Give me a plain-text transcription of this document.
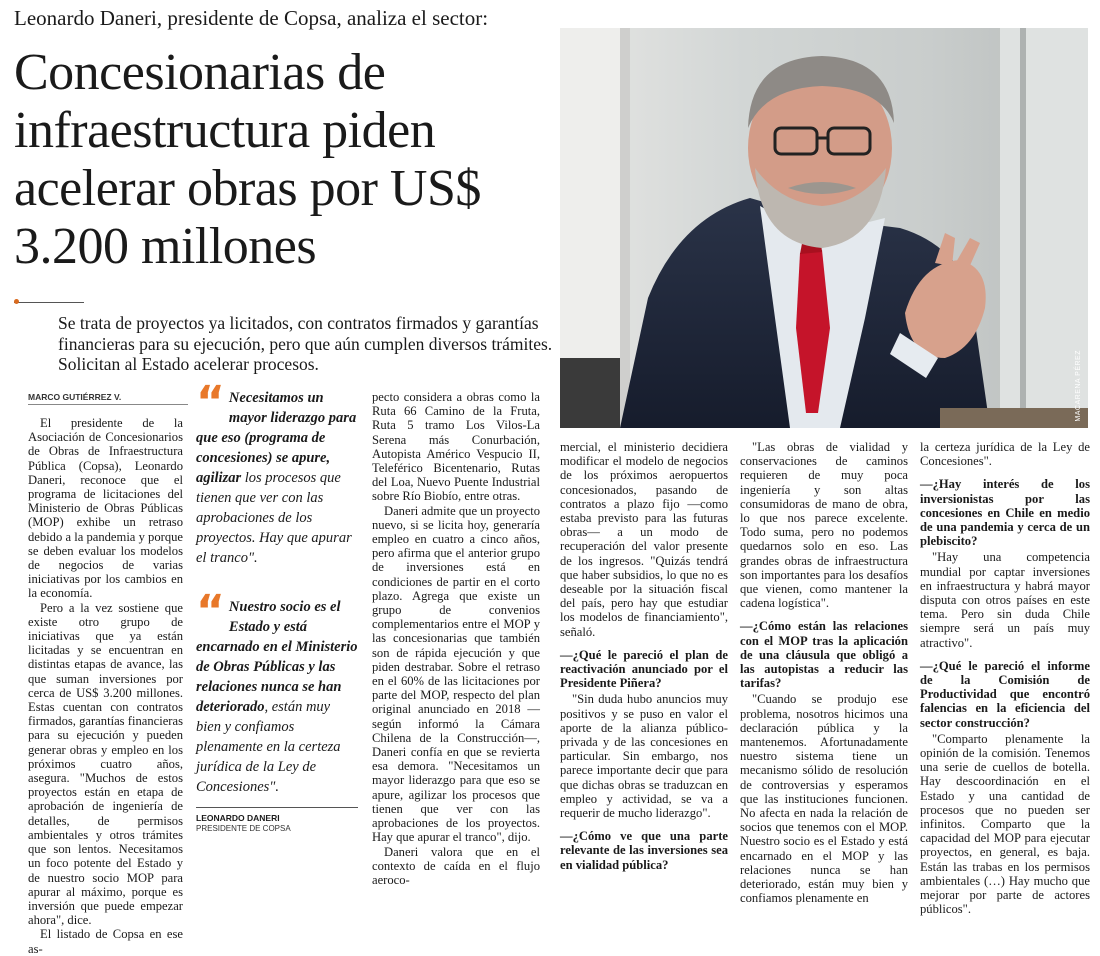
Leonardo Daneri, presidente de Copsa, analiza el sector:
Concesionarias de infraestructura piden acelerar obras por US$ 3.200 millones
Se trata de proyectos ya licitados, con contratos firmados y garantías financieras para su ejecución, pero que aún cumplen diversos trámites. Solicitan al Estado acelerar procesos.	MACARENA PÉREZ
MARCO GUTIÉRREZ V.

El presidente de la Asociación de Concesionarios de Obras de Infraestructura Pública (Copsa), Leonardo Daneri, reconoce que el programa de licitaciones del Ministerio de Obras Públicas (MOP) exhibe un retraso debido a la pandemia y porque se deben evaluar los modelos de negocios de varias iniciativas por los cambios en la economía.

Pero a la vez sostiene que existe otro grupo de iniciativas que ya están licitadas y se encuentran en distintas etapas de avance, las que suman inversiones por cerca de US$ 3.200 millones. Estas cuentan con contratos firmados, garantías financieras para su ejecución y pueden generar obras y empleo en los próximos cuatro años, asegura. "Muchos de estos proyectos están en etapa de aprobación de ingeniería de detalles, de permisos ambientales y otros trámites que son lentos. Necesitamos un foco potente del Estado y de nuestro socio MOP para apurar al máximo, porque es inversión que puede empezar ahora", dice.

El listado de Copsa en ese as-

“ Necesitamos un mayor liderazgo para que eso (programa de concesiones) se apure, agilizar los procesos que tienen que ver con las aprobaciones de los proyectos. Hay que apurar el tranco".
“ Nuestro socio es el Estado y está encarnado en el Ministerio de Obras Públicas y las relaciones nunca se han deteriorado, están muy bien y confiamos plenamente en la certeza jurídica de la Ley de Concesiones".
LEONARDO DANERI
PRESIDENTE DE COPSA

pecto considera a obras como la Ruta 66 Camino de la Fruta, Ruta 5 tramo Los Vilos-La Serena más Conurbación, Autopista Américo Vespucio II, Teleférico Bicentenario, Rutas del Loa, Nuevo Puente Industrial sobre Río Biobío, entre otras.

Daneri admite que un proyecto nuevo, si se licita hoy, generaría empleo en cuatro a cinco años, pero afirma que el anterior grupo de inversiones está en condiciones de partir en el corto plazo. Agrega que existe un grupo de convenios complementarios entre el MOP y las concesionarias que también son de rápida ejecución y que piden destrabar. Sobre el retraso en el 60% de las licitaciones por parte del MOP, respecto del plan original anunciado en 2018 —según informó la Cámara Chilena de la Construcción—, Daneri confía en que se revierta esa demora. "Necesitamos un mayor liderazgo para que eso se apure, agilizar los procesos que tienen que ver con las aprobaciones de los proyectos. Hay que apurar el tranco", dijo.

Daneri valora que en el contexto de caída en el flujo aeroco-

mercial, el ministerio decidiera modificar el modelo de negocios de los próximos aeropuertos concesionados, pasando de contratos a plazo fijo —como estaba previsto para las futuras obras— a un modo de recuperación del valor presente de los ingresos. "Quizás tendrá que haber subsidios, lo que no es deseable por la situación fiscal del país, pero hay que estudiar los modelos de financiamiento", señaló.

—¿Qué le pareció el plan de reactivación anunciado por el Presidente Piñera?

"Sin duda hubo anuncios muy positivos y se puso en valor el aporte de la alianza público-privada y de las concesiones en particular. Sin embargo, nos parece importante decir que para que dichas obras se traduzcan en empleo y actividad, se va a requerir de mucho liderazgo".

—¿Cómo ve que una parte relevante de las inversiones sea en vialidad pública?

"Las obras de vialidad y conservaciones de caminos requieren de muy poca ingeniería y son altas consumidoras de mano de obra, lo que nos parece excelente. Todo suma, pero no podemos quedarnos solo en eso. Las grandes obras de infraestructura son importantes para los desafíos que vienen, como mantener la cadena logística".

—¿Cómo están las relaciones con el MOP tras la aplicación de una cláusula que obligó a las autopistas a reducir las tarifas?

"Cuando se produjo ese problema, nosotros hicimos una declaración pública y la mantenemos. Afortunadamente nuestro sistema tiene un mecanismo sólido de resolución de controversias y esperamos que las instituciones funcionen. No afecta en nada la relación de socios que tenemos con el MOP. Nuestro socio es el Estado y está encarnado en el MOP y las relaciones nunca se han deteriorado, están muy bien y confiamos plenamente en

la certeza jurídica de la Ley de Concesiones".

—¿Hay interés de los inversionistas por las concesiones en Chile en medio de una pandemia y cerca de un plebiscito?

"Hay una competencia mundial por captar inversiones en infraestructura y habrá mayor disputa con otros países en este tema. Pero sin duda Chile siempre será un país muy atractivo".

—¿Qué le pareció el informe de la Comisión de Productividad que encontró falencias en la eficiencia del sector construcción?

"Comparto plenamente la opinión de la comisión. Tenemos una serie de cuellos de botella. Hay descoordinación en el Estado y una cantidad de procesos que no pueden ser infinitos. Comparto que la capacidad del MOP para ejecutar proyectos, en general, es baja. Están las trabas en los permisos ambientales (…) Hay mucho que mejorar por parte de actores públicos".
